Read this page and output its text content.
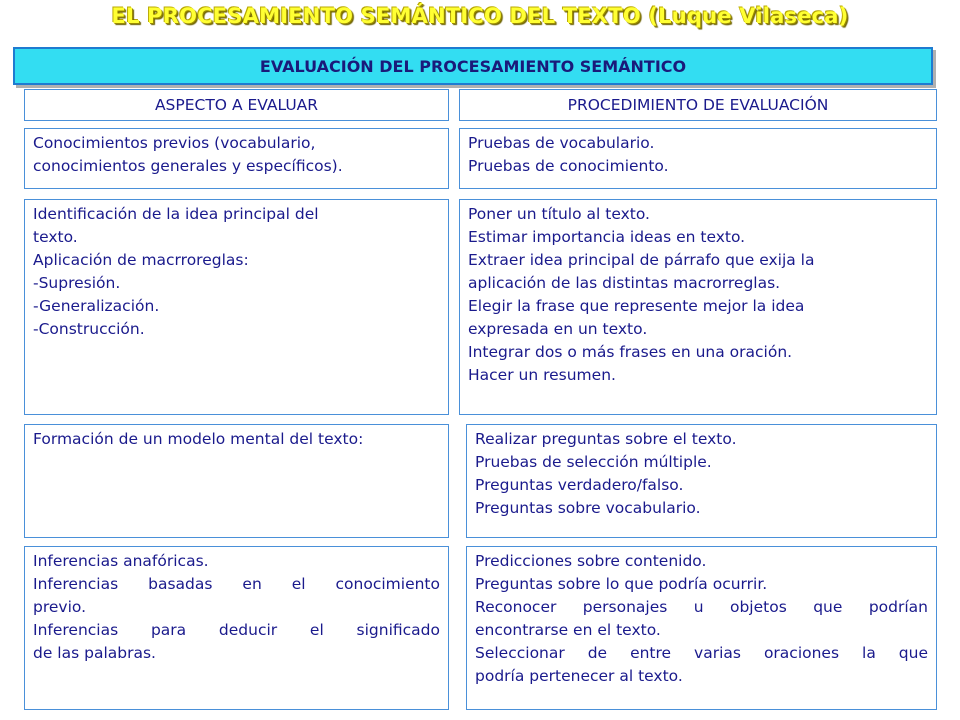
EL PROCESAMIENTO SEMÁNTICO DEL TEXTO (Luque Vilaseca)
EVALUACIÓN DEL PROCESAMIENTO SEMÁNTICO
ASPECTO A EVALUAR	PROCEDIMIENTO DE EVALUACIÓN
Conocimientos previos (vocabulario,
conocimientos generales y específicos).
Pruebas de vocabulario.
Pruebas de conocimiento.
Identificación de la idea principal del
texto.
Aplicación de macrroreglas:
-Supresión.
-Generalización.
-Construcción.
Poner un título al texto.
Estimar importancia ideas en texto.
Extraer idea principal de párrafo que exija la
aplicación de las distintas macrorreglas.
Elegir la frase que represente mejor la idea
expresada en un texto.
Integrar dos o más frases en una oración.
Hacer un resumen.
Formación de un modelo mental del texto:	Realizar preguntas sobre el texto.
Pruebas de selección múltiple.
Preguntas verdadero/falso.
Preguntas sobre vocabulario.
Inferencias anafóricas.
Inferencias basadas en el conocimiento
previo.
Inferencias para deducir el significado
de las palabras.
Predicciones sobre contenido.
Preguntas sobre lo que podría ocurrir.
Reconocer personajes u objetos que podrían
encontrarse en el texto.
Seleccionar de entre varias oraciones la que
podría pertenecer al texto.
